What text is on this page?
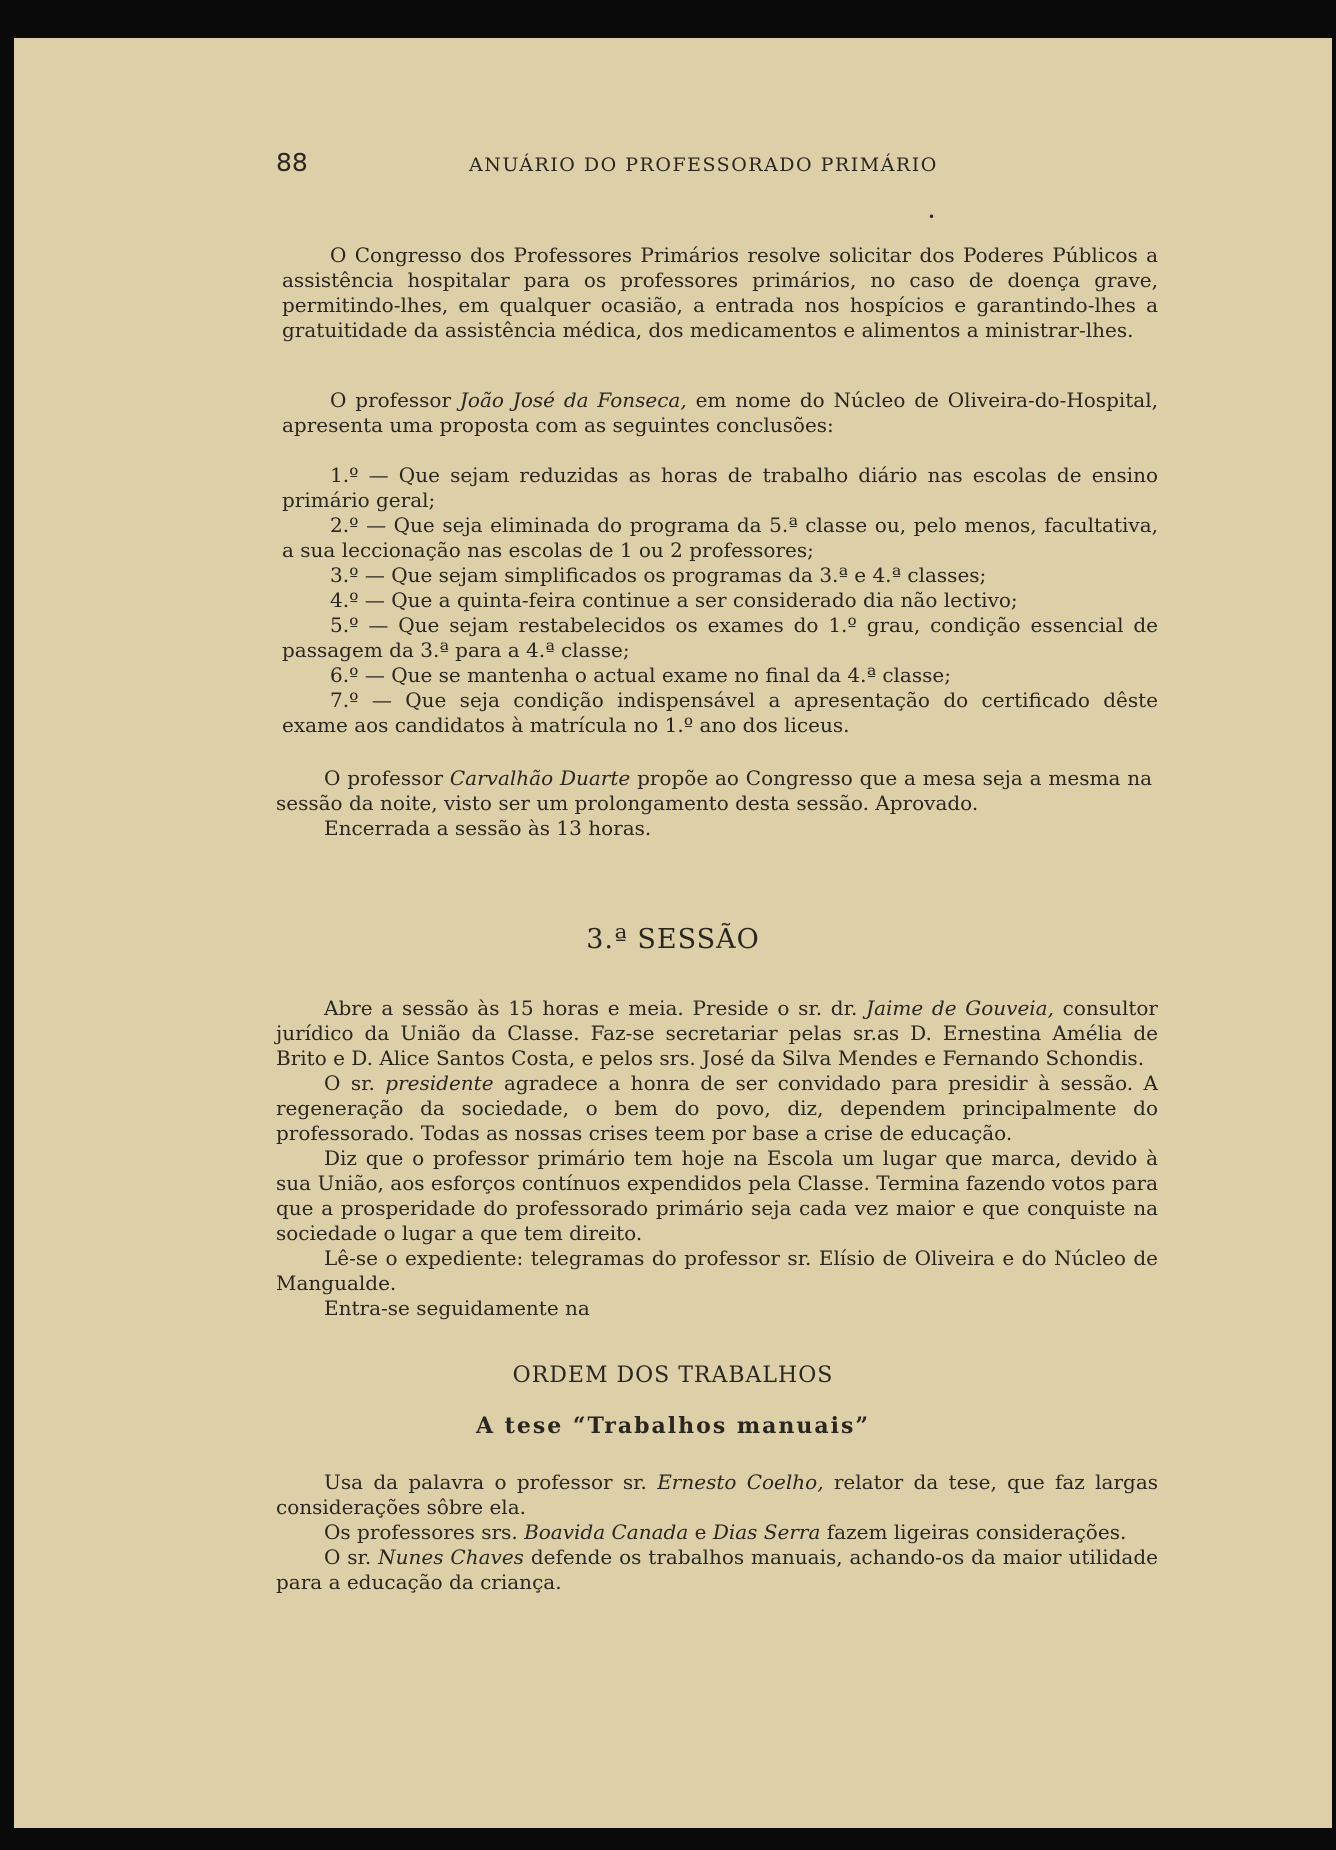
88	ANUÁRIO DO PROFESSORADO PRIMÁRIO
•

O Congresso dos Professores Primários resolve solicitar dos Poderes Públicos a assistência hospitalar para os professores primários, no caso de doença grave, permitindo-lhes, em qualquer ocasião, a entrada nos hospícios e garantindo-lhes a gratuitidade da assistência médica, dos medicamentos e alimentos a ministrar-lhes.

O professor João José da Fonseca, em nome do Núcleo de Oliveira-do-Hospital, apresenta uma proposta com as seguintes conclusões:

1.º — Que sejam reduzidas as horas de trabalho diário nas escolas de ensino primário geral;

2.º — Que seja eliminada do programa da 5.ª classe ou, pelo menos, facultativa, a sua leccionação nas escolas de 1 ou 2 professores;

3.º — Que sejam simplificados os programas da 3.ª e 4.ª classes;

4.º — Que a quinta-feira continue a ser considerado dia não lectivo;

5.º — Que sejam restabelecidos os exames do 1.º grau, condição essencial de passagem da 3.ª para a 4.ª classe;

6.º — Que se mantenha o actual exame no final da 4.ª classe;

7.º — Que seja condição indispensável a apresentação do certificado dêste exame aos candidatos à matrícula no 1.º ano dos liceus.

O professor Carvalhão Duarte propõe ao Congresso que a mesa seja a mesma na sessão da noite, visto ser um prolongamento desta sessão. Aprovado.

Encerrada a sessão às 13 horas.

3.ª SESSÃO

Abre a sessão às 15 horas e meia. Preside o sr. dr. Jaime de Gouveia, consultor jurídico da União da Classe. Faz-se secretariar pelas sr.as D. Ernestina Amélia de Brito e D. Alice Santos Costa, e pelos srs. José da Silva Mendes e Fernando Schondis.

O sr. presidente agradece a honra de ser convidado para presidir à sessão. A regeneração da sociedade, o bem do povo, diz, dependem principalmente do professorado. Todas as nossas crises teem por base a crise de educação.

Diz que o professor primário tem hoje na Escola um lugar que marca, devido à sua União, aos esforços contínuos expendidos pela Classe. Termina fazendo votos para que a prosperidade do professorado primário seja cada vez maior e que conquiste na sociedade o lugar a que tem direito.

Lê-se o expediente: telegramas do professor sr. Elísio de Oliveira e do Núcleo de Mangualde.

Entra-se seguidamente na

ORDEM DOS TRABALHOS
A tese “Trabalhos manuais”

Usa da palavra o professor sr. Ernesto Coelho, relator da tese, que faz largas considerações sôbre ela.

Os professores srs. Boavida Canada e Dias Serra fazem ligeiras considerações.

O sr. Nunes Chaves defende os trabalhos manuais, achando-os da maior utilidade para a educação da criança.
